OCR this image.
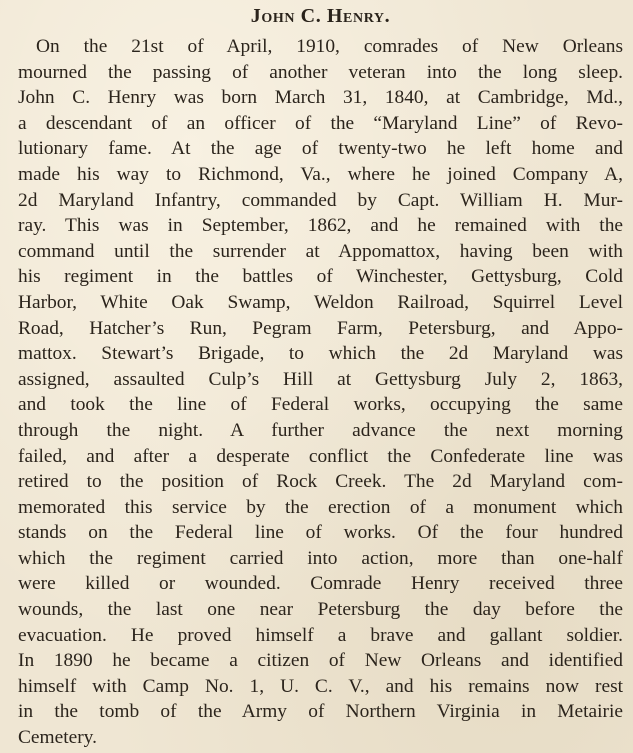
John C. Henry.
On the 21st of April, 1910, comrades of New Orleans
mourned the passing of another veteran into the long sleep.
John C. Henry was born March 31, 1840, at Cambridge, Md.,
a descendant of an officer of the “Maryland Line” of Revo-
lutionary fame. At the age of twenty-two he left home and
made his way to Richmond, Va., where he joined Company A,
2d Maryland Infantry, commanded by Capt. William H. Mur-
ray. This was in September, 1862, and he remained with the
command until the surrender at Appomattox, having been with
his regiment in the battles of Winchester, Gettysburg, Cold
Harbor, White Oak Swamp, Weldon Railroad, Squirrel Level
Road, Hatcher’s Run, Pegram Farm, Petersburg, and Appo-
mattox. Stewart’s Brigade, to which the 2d Maryland was
assigned, assaulted Culp’s Hill at Gettysburg July 2, 1863,
and took the line of Federal works, occupying the same
through the night. A further advance the next morning
failed, and after a desperate conflict the Confederate line was
retired to the position of Rock Creek. The 2d Maryland com-
memorated this service by the erection of a monument which
stands on the Federal line of works. Of the four hundred
which the regiment carried into action, more than one-half
were killed or wounded. Comrade Henry received three
wounds, the last one near Petersburg the day before the
evacuation. He proved himself a brave and gallant soldier.
In 1890 he became a citizen of New Orleans and identified
himself with Camp No. 1, U. C. V., and his remains now rest
in the tomb of the Army of Northern Virginia in Metairie
Cemetery.
